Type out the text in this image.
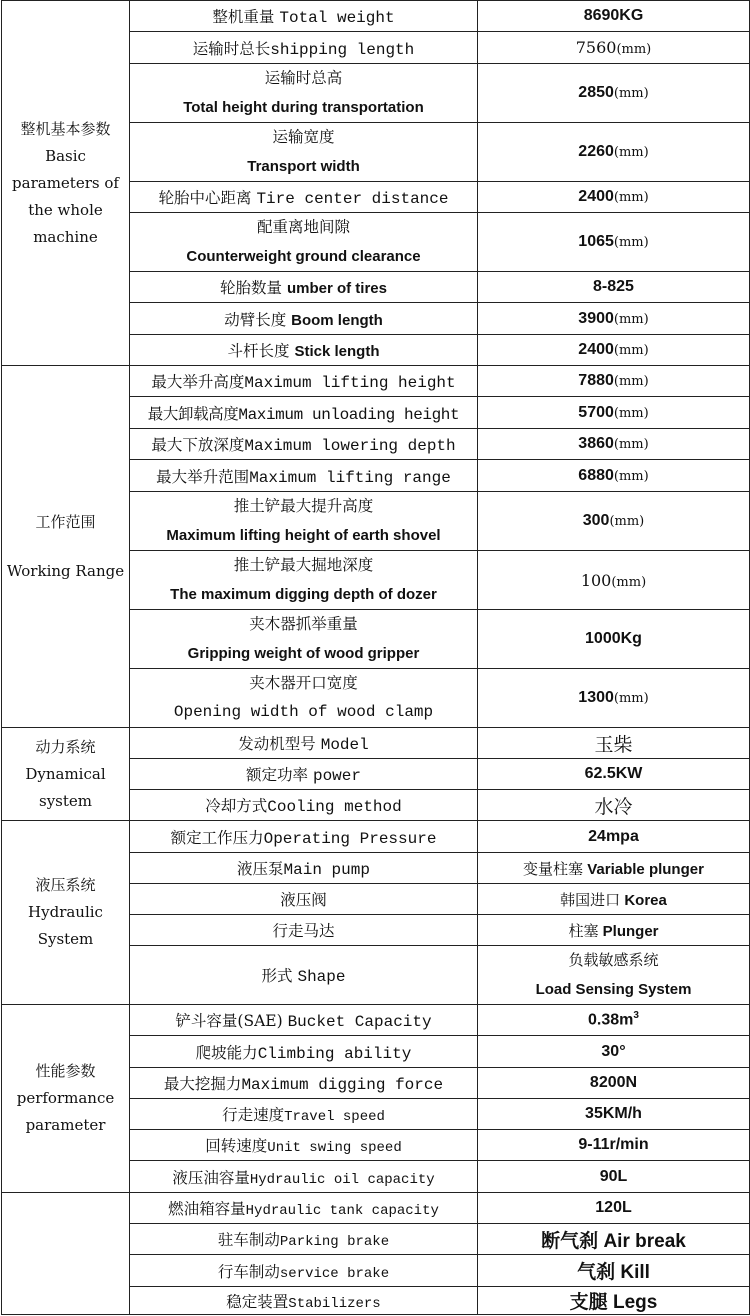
整机基本参数
Basic
parameters of
the whole
machine	整机重量 Total weight	8690KG
	运输时总长shipping length	7560(mm)

	运输时总高
Total height during transportation	2850(mm)

	运输宽度
Transport width	2260(mm)
	轮胎中心距离 Tire center distance	2400(mm)

	配重离地间隙
Counterweight ground clearance	1065(mm)
	轮胎数量 umber of tires	8-825
	动臂长度 Boom length	3900(mm)
	斗杆长度 Stick length	2400(mm)

工作范围
Working Range	最大举升高度Maximum lifting height	7880(mm)
	最大卸载高度Maximum unloading height	5700(mm)
	最大下放深度Maximum lowering depth	3860(mm)
	最大举升范围Maximum lifting range	6880(mm)

	推土铲最大提升高度
Maximum lifting height of earth shovel	300(mm)

	推土铲最大掘地深度
The maximum digging depth of dozer	100(mm)

	夹木器抓举重量
Gripping weight of wood gripper	1000Kg

	夹木器开口宽度
Opening width of wood clamp	1300(mm)

动力系统
Dynamical
system	发动机型号 Model	玉柴
	额定功率 power	62.5KW
	冷却方式Cooling method	水冷

液压系统
Hydraulic
System	额定工作压力Operating Pressure	24mpa
	液压泵Main pump	变量柱塞 Variable plunger
	液压阀	韩国进口 Korea
	行走马达	柱塞 Plunger
	形式 Shape	负载敏感系统
Load Sensing System

性能参数
performance
parameter	铲斗容量(SAE) Bucket Capacity	$0.38m^3$
	爬坡能力Climbing ability	30°
	最大挖掘力Maximum digging force	8200N
	行走速度Travel speed	35KM/h
	回转速度Unit swing speed	9-11r/min
	液压油容量Hydraulic oil capacity	90L
	燃油箱容量Hydraulic tank capacity	120L
	驻车制动Parking brake	断气刹 Air break
	行车制动service brake	气刹 Kill
	稳定装置Stabilizers	支腿 Legs
